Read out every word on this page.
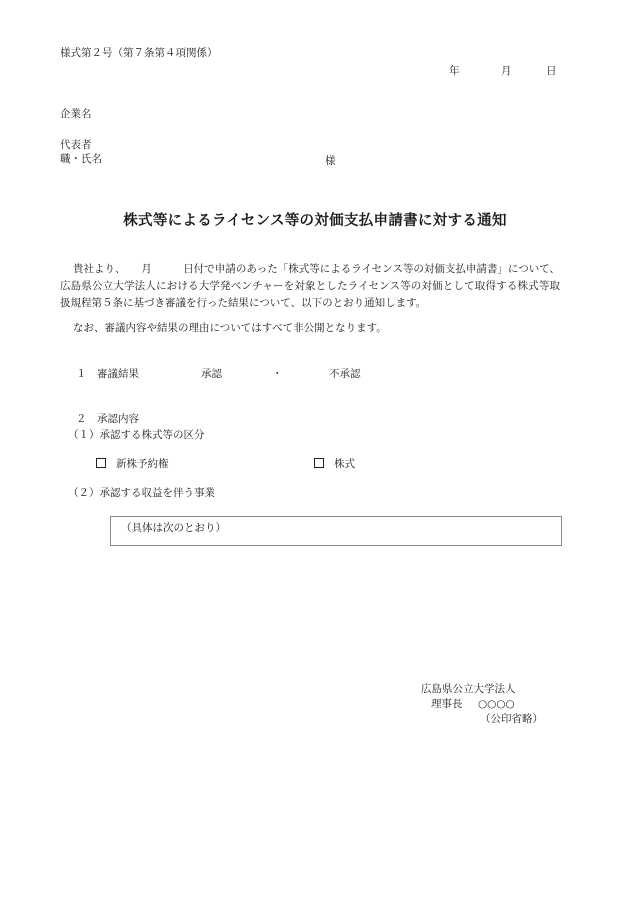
様式第２号（第７条第４項関係）
年	月	日
企業名
代表者
職・氏名	様
株式等によるライセンス等の対価支払申請書に対する通知
貴社より、　　月　　　日付で申請のあった「株式等によるライセンス等の対価支払申請書」について、広島県公立大学法人における大学発ベンチャーを対象としたライセンス等の対価として取得する株式等取扱規程第５条に基づき審議を行った結果について、以下のとおり通知します。
なお、審議内容や結果の理由についてはすべて非公開となります。
１ 審議結果	承認	・	不承認
２ 承認内容
（１）承認する株式等の区分
新株予約権	株式
（２）承認する収益を伴う事業
（具体は次のとおり）
広島県公立大学法人
理事長 ○○○○
（公印省略）
